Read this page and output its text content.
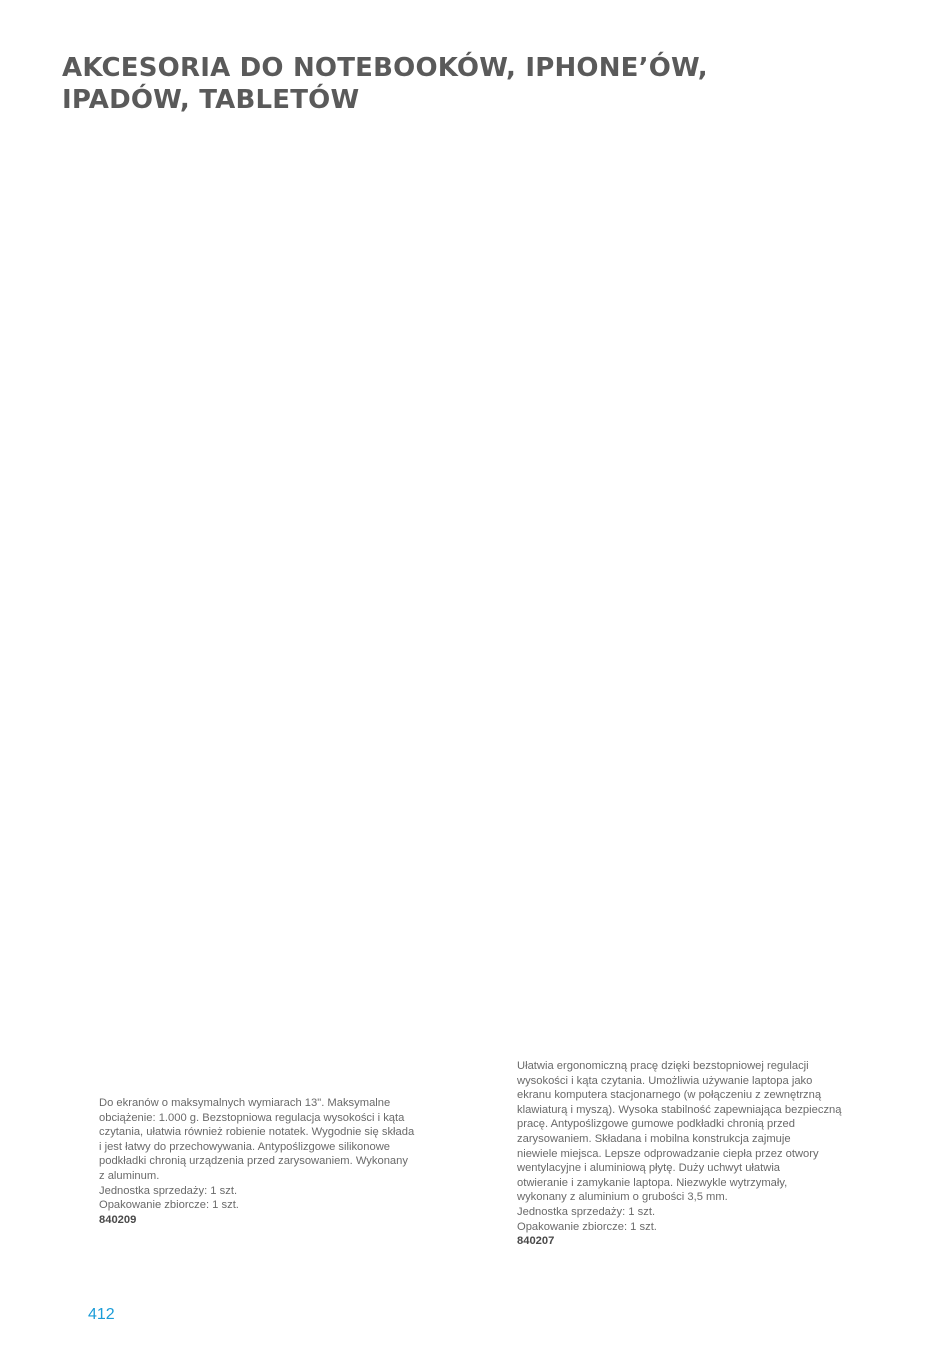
AKCESORIA DO NOTEBOOKÓW, IPHONE’ÓW,
IPADÓW, TABLETÓW

Do ekranów o maksymalnych wymiarach 13". Maksymalne
obciążenie: 1.000 g. Bezstopniowa regulacja wysokości i kąta
czytania, ułatwia również robienie notatek. Wygodnie się składa
i jest łatwy do przechowywania. Antypoślizgowe silikonowe
podkładki chronią urządzenia przed zarysowaniem. Wykonany
z aluminum.

Jednostka sprzedaży: 1 szt.

Opakowanie zbiorcze: 1 szt.

840209

Ułatwia ergonomiczną pracę dzięki bezstopniowej regulacji
wysokości i kąta czytania. Umożliwia używanie laptopa jako
ekranu komputera stacjonarnego (w połączeniu z zewnętrzną
klawiaturą i myszą). Wysoka stabilność zapewniająca bezpieczną
pracę. Antypoślizgowe gumowe podkładki chronią przed
zarysowaniem. Składana i mobilna konstrukcja zajmuje
niewiele miejsca. Lepsze odprowadzanie ciepła przez otwory
wentylacyjne i aluminiową płytę. Duży uchwyt ułatwia
otwieranie i zamykanie laptopa. Niezwykle wytrzymały,
wykonany z aluminium o grubości 3,5 mm.

Jednostka sprzedaży: 1 szt.

Opakowanie zbiorcze: 1 szt.

840207

412
